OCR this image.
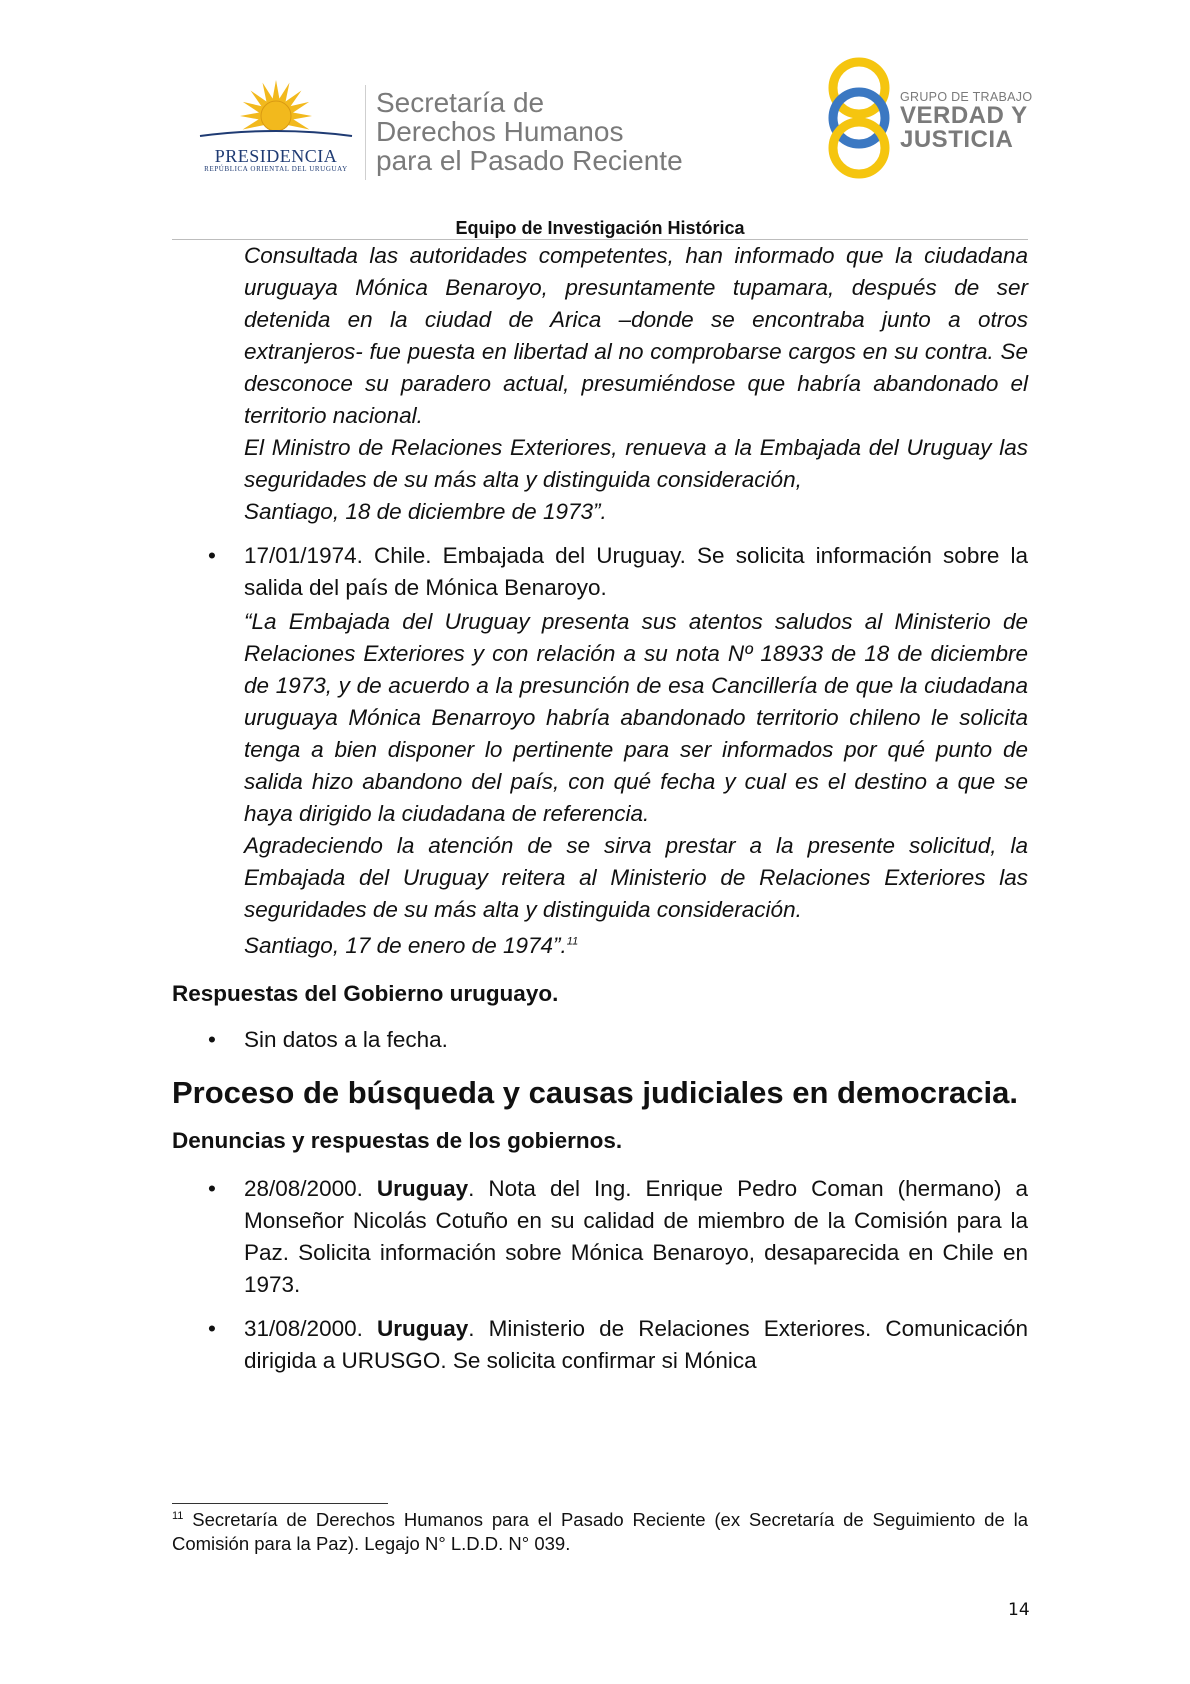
PRESIDENCIA
REPÚBLICA ORIENTAL DEL URUGUAY
Secretaría de
Derechos Humanos
para el Pasado Reciente
GRUPO DE TRABAJO
VERDAD Y
JUSTICIA
Equipo de Investigación Histórica

Consultada las autoridades competentes, han informado que la ciudadana uruguaya Mónica Benaroyo, presuntamente tupamara, después de ser detenida en la ciudad de Arica –donde se encontraba junto a otros extranjeros- fue puesta en libertad al no comprobarse cargos en su contra. Se desconoce su paradero actual, presumiéndose que habría abandonado el territorio nacional.

El Ministro de Relaciones Exteriores, renueva a la Embajada del Uruguay las seguridades de su más alta y distinguida consideración,

Santiago, 18 de diciembre de 1973”.

• 17/01/1974. Chile. Embajada del Uruguay. Se solicita información sobre la salida del país de Mónica Benaroyo.

“La Embajada del Uruguay presenta sus atentos saludos al Ministerio de Relaciones Exteriores y con relación a su nota Nº 18933 de 18 de diciembre de 1973, y de acuerdo a la presunción de esa Cancillería de que la ciudadana uruguaya Mónica Benarroyo habría abandonado territorio chileno le solicita tenga a bien disponer lo pertinente para ser informados por qué punto de salida hizo abandono del país, con qué fecha y cual es el destino a que se haya dirigido la ciudadana de referencia.

Agradeciendo la atención de se sirva prestar a la presente solicitud, la Embajada del Uruguay reitera al Ministerio de Relaciones Exteriores las seguridades de su más alta y distinguida consideración.

Santiago, 17 de enero de 1974”.$^{11}$

Respuestas del Gobierno uruguayo.

• Sin datos a la fecha.

Proceso de búsqueda y causas judiciales en democracia.

Denuncias y respuestas de los gobiernos.

• 28/08/2000. Uruguay. Nota del Ing. Enrique Pedro Coman (hermano) a Monseñor Nicolás Cotuño en su calidad de miembro de la Comisión para la Paz. Solicita información sobre Mónica Benaroyo, desaparecida en Chile en 1973.
• 31/08/2000. Uruguay. Ministerio de Relaciones Exteriores. Comunicación dirigida a URUSGO. Se solicita confirmar si Mónica
$^{11}$ Secretaría de Derechos Humanos para el Pasado Reciente (ex Secretaría de Seguimiento de la Comisión para la Paz). Legajo N° L.D.D. N° 039.
14
